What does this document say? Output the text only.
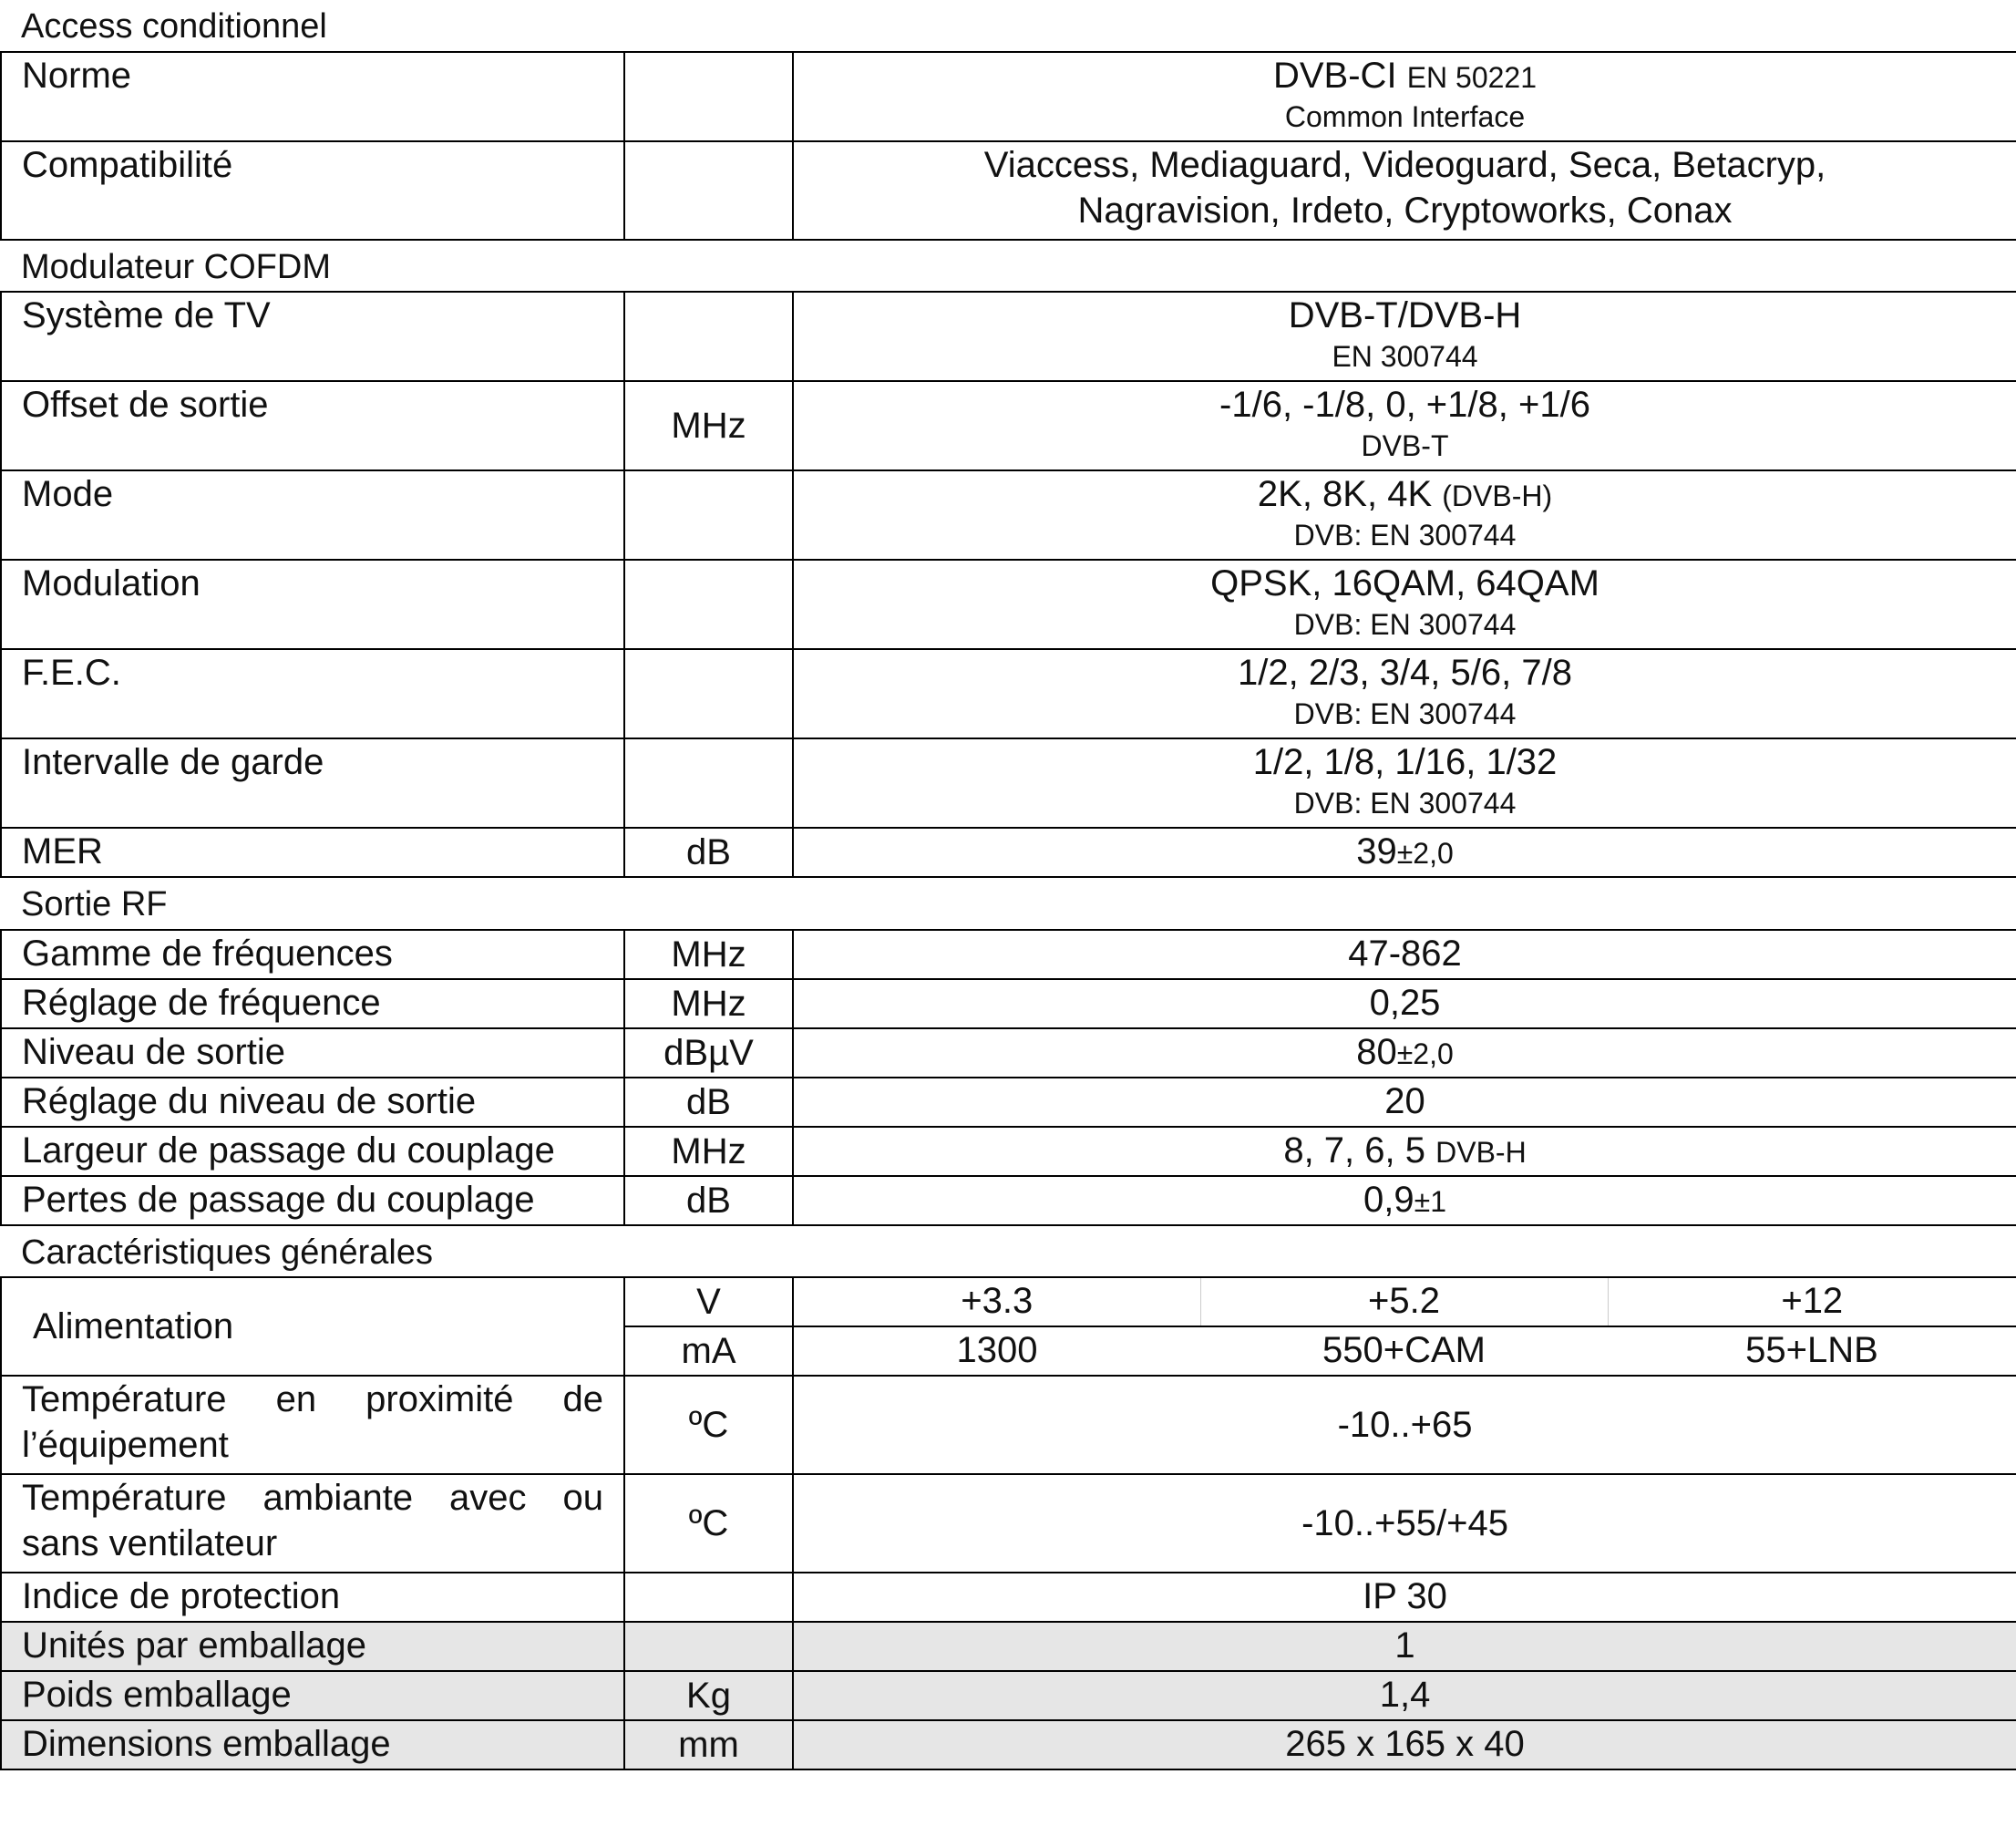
Access conditionnel				
Norme		DVB-CI EN 50221
Common Interface		

Compatibilité		Viaccess, Mediaguard, Videoguard, Seca, Betacryp,
Nagravision, Irdeto, Cryptoworks, Conax		

Modulateur COFDM				
Système de TV		DVB-T/DVB-H
EN 300744		

Offset de sortie	MHz	-1/6, -1/8, 0, +1/8, +1/6
DVB-T		

Mode		2K, 8K, 4K (DVB-H)
DVB: EN 300744		

Modulation		QPSK, 16QAM, 64QAM
DVB: EN 300744		

F.E.C.		1/2, 2/3, 3/4, 5/6, 7/8
DVB: EN 300744		

Intervalle de garde		1/2, 1/8, 1/16, 1/32
DVB: EN 300744		

MER	dB	39±2,0		
Sortie RF				
Gamme de fréquences	MHz	47-862		
Réglage de fréquence	MHz	0,25		
Niveau de sortie	dBµV	80±2,0		
Réglage du niveau de sortie	dB	20		
Largeur de passage du couplage	MHz	8, 7, 6, 5 DVB-H		
Pertes de passage du couplage	dB	0,9±1		
Caractéristiques générales				
Alimentation	V	+3.3	+5.2	+12
	mA	1300	550+CAM	55+LNB
Température en proximité de l’équipement	ºC	-10..+65		
Température ambiante avec ou sans ventilateur	ºC	-10..+55/+45		
Indice de protection		IP 30		
Unités par emballage		1		
Poids emballage	Kg	1,4		
Dimensions emballage	mm	265 x 165 x 40		
